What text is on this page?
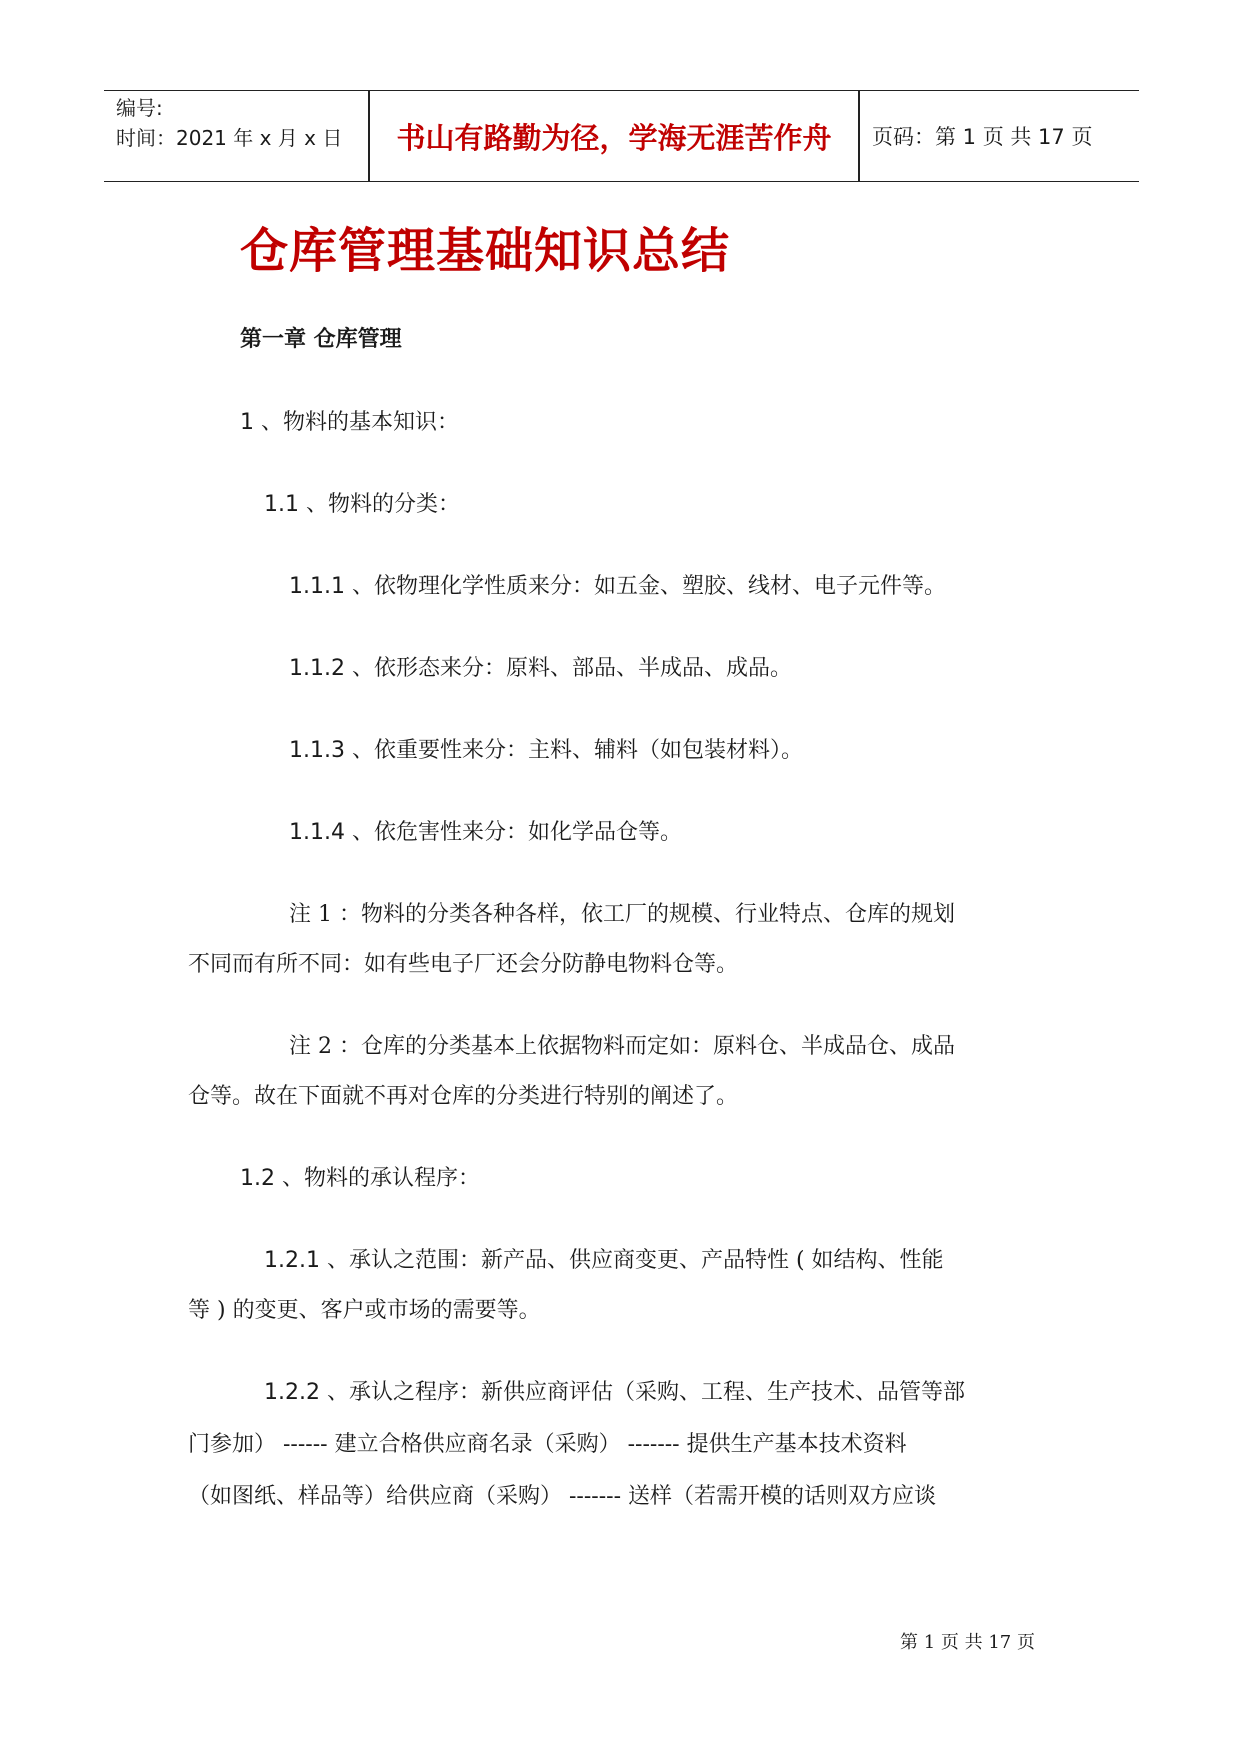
编号:
时间：2021 年 x 月 x 日	书山有路勤为径，学海无涯苦作舟	页码：第 1 页 共 17 页
仓库管理基础知识总结
第一章 仓库管理
1 、物料的基本知识：
1.1 、物料的分类：
1.1.1 、依物理化学性质来分：如五金、塑胶、线材、电子元件等。
1.1.2 、依形态来分：原料、部品、半成品、成品。
1.1.3 、依重要性来分：主料、辅料（如包装材料）。
1.1.4 、依危害性来分：如化学品仓等。
注 1 ：物料的分类各种各样，依工厂的规模、行业特点、仓库的规划
不同而有所不同：如有些电子厂还会分防静电物料仓等。
注 2 ：仓库的分类基本上依据物料而定如：原料仓、半成品仓、成品
仓等。故在下面就不再对仓库的分类进行特别的阐述了。
1.2 、物料的承认程序：
1.2.1 、承认之范围：新产品、供应商变更、产品特性 ( 如结构、性能
等 ) 的变更、客户或市场的需要等。
1.2.2 、承认之程序：新供应商评估（采购、工程、生产技术、品管等部
门参加） ------ 建立合格供应商名录（采购） ------- 提供生产基本技术资料
（如图纸、样品等）给供应商（采购） ------- 送样（若需开模的话则双方应谈
第 1 页 共 17 页
